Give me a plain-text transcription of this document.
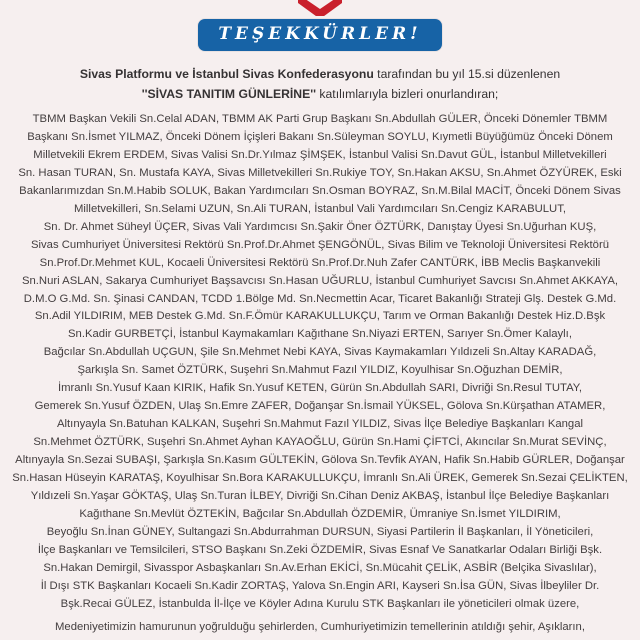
TEŞEKKÜRLER!

Sivas Platformu ve İstanbul Sivas Konfederasyonu tarafından bu yıl 15.si düzenlenen
''SİVAS TANITIM GÜNLERİNE'' katılımlarıyla bizleri onurlandıran;

TBMM Başkan Vekili Sn.Celal ADAN, TBMM AK Parti Grup Başkanı Sn.Abdullah GÜLER, Önceki Dönemler TBMM
Başkanı Sn.İsmet YILMAZ, Önceki Dönem İçişleri Bakanı Sn.Süleyman SOYLU, Kıymetli Büyüğümüz Önceki Dönem
Milletvekili Ekrem ERDEM, Sivas Valisi Sn.Dr.Yılmaz ŞİMŞEK, İstanbul Valisi Sn.Davut GÜL, İstanbul Milletvekilleri
Sn. Hasan TURAN, Sn. Mustafa KAYA, Sivas Milletvekilleri Sn.Rukiye TOY, Sn.Hakan AKSU, Sn.Ahmet ÖZYÜREK, Eski
Bakanlarımızdan Sn.M.Habib SOLUK, Bakan Yardımcıları Sn.Osman BOYRAZ, Sn.M.Bilal MACİT, Önceki Dönem Sivas
Milletvekilleri, Sn.Selami UZUN, Sn.Ali TURAN, İstanbul Vali Yardımcıları Sn.Cengiz KARABULUT,
Sn. Dr. Ahmet Süheyl ÜÇER, Sivas Vali Yardımcısı Sn.Şakir Öner ÖZTÜRK, Danıştay Üyesi Sn.Uğurhan KUŞ,
Sivas Cumhuriyet Üniversitesi Rektörü Sn.Prof.Dr.Ahmet ŞENGÖNÜL, Sivas Bilim ve Teknoloji Üniversitesi Rektörü
Sn.Prof.Dr.Mehmet KUL, Kocaeli Üniversitesi Rektörü Sn.Prof.Dr.Nuh Zafer CANTÜRK, İBB Meclis Başkanvekili
Sn.Nuri ASLAN, Sakarya Cumhuriyet Başsavcısı Sn.Hasan UĞURLU, İstanbul Cumhuriyet Savcısı Sn.Ahmet AKKAYA,
D.M.O G.Md. Sn. Şinasi CANDAN, TCDD 1.Bölge Md. Sn.Necmettin Acar, Ticaret Bakanlığı Strateji Glş. Destek G.Md.
Sn.Adil YILDIRIM, MEB Destek G.Md. Sn.F.Ömür KARAKULLUKÇU, Tarım ve Orman Bakanlığı Destek Hiz.D.Bşk
Sn.Kadir GURBETÇİ, İstanbul Kaymakamları Kağıthane Sn.Niyazi ERTEN, Sarıyer Sn.Ömer Kalaylı,
Bağcılar Sn.Abdullah UÇGUN, Şile Sn.Mehmet Nebi KAYA, Sivas Kaymakamları Yıldızeli Sn.Altay KARADAĞ,
Şarkışla Sn. Samet ÖZTÜRK, Suşehri Sn.Mahmut Fazıl YILDIZ, Koyulhisar Sn.Oğuzhan DEMİR,
İmranlı Sn.Yusuf Kaan KIRIK, Hafik Sn.Yusuf KETEN, Gürün Sn.Abdullah SARI, Divriği Sn.Resul TUTAY,
Gemerek Sn.Yusuf ÖZDEN, Ulaş Sn.Emre ZAFER, Doğanşar Sn.İsmail YÜKSEL, Gölova Sn.Kürşathan ATAMER,
Altınyayla Sn.Batuhan KALKAN, Suşehri Sn.Mahmut Fazıl YILDIZ, Sivas İlçe Belediye Başkanları Kangal
Sn.Mehmet ÖZTÜRK, Suşehri Sn.Ahmet Ayhan KAYAOĞLU, Gürün Sn.Hami ÇİFTCİ, Akıncılar Sn.Murat SEVİNÇ,
Altınyayla Sn.Sezai SUBAŞI, Şarkışla Sn.Kasım GÜLTEKİN, Gölova Sn.Tevfik AYAN, Hafik Sn.Habib GÜRLER, Doğanşar
Sn.Hasan Hüseyin KARATAŞ, Koyulhisar Sn.Bora KARAKULLUKÇU, İmranlı Sn.Ali ÜREK, Gemerek Sn.Sezai ÇELİKTEN,
Yıldızeli Sn.Yaşar GÖKTAŞ, Ulaş Sn.Turan İLBEY, Divriği Sn.Cihan Deniz AKBAŞ, İstanbul İlçe Belediye Başkanları
Kağıthane Sn.Mevlüt ÖZTEKİN, Bağcılar Sn.Abdullah ÖZDEMİR, Ümraniye Sn.İsmet YILDIRIM,
Beyoğlu Sn.İnan GÜNEY, Sultangazi Sn.Abdurrahman DURSUN, Siyasi Partilerin İl Başkanları, İl Yöneticileri,
İlçe Başkanları ve Temsilcileri, STSO Başkanı Sn.Zeki ÖZDEMİR, Sivas Esnaf Ve Sanatkarlar Odaları Birliği Bşk.
Sn.Hakan Demirgil, Sivasspor Asbaşkanları Sn.Av.Erhan EKİCİ, Sn.Mücahit ÇELİK, ASBİR (Belçika Sivaslılar),
İl Dışı STK Başkanları Kocaeli Sn.Kadir ZORTAŞ, Yalova Sn.Engin ARI, Kayseri Sn.İsa GÜN, Sivas İlbeyliler Dr.
Bşk.Recai GÜLEZ, İstanbulda İl-İlçe ve Köyler Adına Kurulu STK Başkanları ile yöneticileri olmak üzere,
Medeniyetimizin hamurunun yoğrulduğu şehirlerden, Cumhuriyetimizin temellerinin atıldığı şehir, Aşıkların,
